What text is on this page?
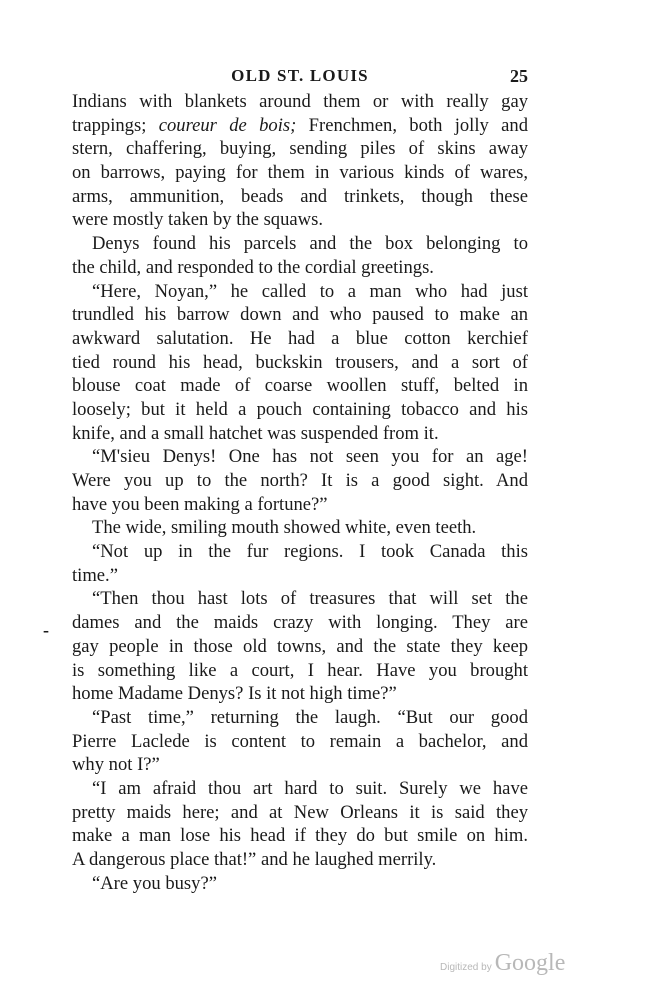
OLD ST. LOUIS	25
-
Indians with blankets around them or with really gay
trappings; coureur de bois; Frenchmen, both jolly and
stern, chaffering, buying, sending piles of skins away
on barrows, paying for them in various kinds of wares,
arms, ammunition, beads and trinkets, though these
were mostly taken by the squaws.
Denys found his parcels and the box belonging to
the child, and responded to the cordial greetings.
“Here, Noyan,” he called to a man who had just
trundled his barrow down and who paused to make an
awkward salutation. He had a blue cotton kerchief
tied round his head, buckskin trousers, and a sort of
blouse coat made of coarse woollen stuff, belted in
loosely; but it held a pouch containing tobacco and his
knife, and a small hatchet was suspended from it.
“M'sieu Denys! One has not seen you for an age!
Were you up to the north? It is a good sight. And
have you been making a fortune?”
The wide, smiling mouth showed white, even teeth.
“Not up in the fur regions. I took Canada this
time.”
“Then thou hast lots of treasures that will set the
dames and the maids crazy with longing. They are
gay people in those old towns, and the state they keep
is something like a court, I hear. Have you brought
home Madame Denys? Is it not high time?”
“Past time,” returning the laugh. “But our good
Pierre Laclede is content to remain a bachelor, and
why not I?”
“I am afraid thou art hard to suit. Surely we have
pretty maids here; and at New Orleans it is said they
make a man lose his head if they do but smile on him.
A dangerous place that!” and he laughed merrily.
“Are you busy?”
Digitized by Google
